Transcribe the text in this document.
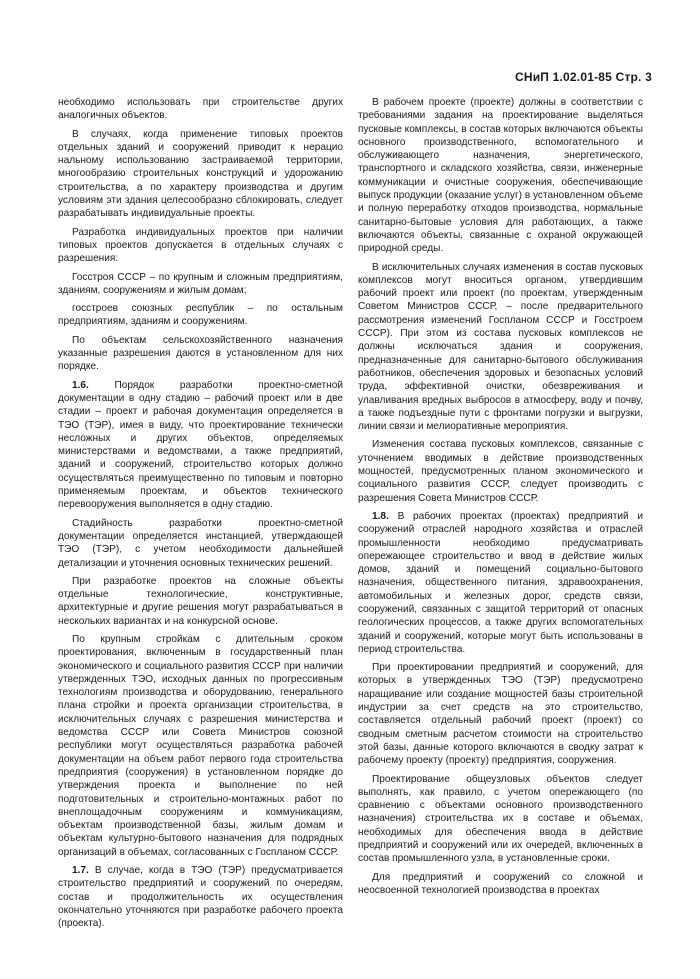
СНиП 1.02.01-85 Стр. 3

необходимо использовать при строительстве других аналогичных объектов.

В случаях, когда применение типовых проектов отдельных зданий и сооружений приводит к нерацио нальному использованию застраиваемой территории, многообразию строительных конструкций и удорожанию строительства, а по характеру производства и другим условиям эти здания целесообразно сблокировать, следует разрабатывать индивидуальные проекты.

Разработка индивидуальных проектов при наличии типовых проектов допускается в отдельных случаях с разрешения:

Госстроя СССР – по крупным и сложным предприятиям, зданиям, сооружениям и жилым домам;

госстроев союзных республик – по остальным предприятиям, зданиям и сооружениям.

По объектам сельскохозяйственного назначения указанные разрешения даются в установленном для них порядке.

1.6.	Порядок разработки проектно-сметной документации в одну стадию – рабочий проект или в две стадии – проект и рабочая документация определяется в ТЭО (ТЭР), имея в виду, что проектирование технически несложных и других объектов, определяемых министерствами и ведомствами, а также предприятий, зданий и сооружений, строительство которых должно осуществляться преимущественно по типовым и повторно применяемым проектам, и объектов технического перевооружения выполняется в одну стадию.

Стадийность разработки проектно-сметной документации определяется инстанцией, утверждающей ТЭО (ТЭР), с учетом необходимости дальнейшей детализации и уточнения основных технических решений.

При разработке проектов на сложные объекты отдельные технологические, конструктивные, архитектурные и другие решения могут разрабатываться в нескольких вариантах и на конкурсной основе.

По крупным стройкам с длительным сроком проектирования, включенным в государственный план экономического и социального развития СССР при наличии утвержденных ТЭО, исходных данных по прогрессивным технологиям производства и оборудованию, генерального плана стройки и проекта организации строительства, в исключительных случаях с разрешения министерства и ведомства СССР или Совета Министров союзной республики могут осуществляться разработка рабочей документации на объем работ первого года строительства предприятия (сооружения) в установленном порядке до утверждения проекта и выполнение по ней подготовительных и строительно-монтажных работ по внеплощадочным сооружениям и коммуникациям, объектам производственной базы, жилым домам и объектам культурно-бытового назначения для подрядных организаций в объемах, согласованных с Госпланом СССР.

1.7. В случае, когда в ТЭО (ТЭР) предусматривается строительство предприятий и сооружений по очередям, состав и продолжительность их осуществления окончательно уточняются при разработке рабочего проекта (проекта).

В рабочем проекте (проекте) должны в соответствии с требованиями задания на проектирование выделяться пусковые комплексы, в состав которых включаются объекты основного производственного, вспомогательного и обслуживающего назначения, энергетического, транспортного и складского хозяйства, связи, инженерные коммуникации и очистные сооружения, обеспечивающие выпуск продукции (оказание услуг) в установленном объеме и полную переработку отходов производства, нормальные санитарно-бытовые условия для работающих, а также включаются объекты, связанные с охраной окружающей природной среды.

В исключительных случаях изменения в состав пусковых комплексов могут вноситься органом, утвердившим рабочий проект или проект (по проектам, утвержденным Советом Министров СССР, – после предварительного рассмотрения изменений Госпланом СССР и Госстроем СССР). При этом из состава пусковых комплексов не должны исключаться здания и сооружения, предназначенные для санитарно-бытового обслуживания работников, обеспечения здоровых и безопасных условий труда, эффективной очистки, обезвреживания и улавливания вредных выбросов в атмосферу, воду и почву, а также подъездные пути с фронтами погрузки и выгрузки, линии связи и мелиоративные мероприятия.

Изменения состава пусковых комплексов, связанные с уточнением вводимых в действие производственных мощностей, предусмотренных планом экономического и социального развития СССР, следует производить с разрешения Совета Министров СССР.

1.8. В рабочих проектах (проектах) предприятий и сооружений отраслей народного хозяйства и отраслей промышленности необходимо предусматривать опережающее строительство и ввод в действие жилых домов, зданий и помещений социально-бытового назначения, общественного питания, здравоохранения, автомобильных и железных дорог, средств связи, сооружений, связанных с защитой территорий от опасных геологических процессов, а также других вспомогательных зданий и сооружений, которые могут быть использованы в период строительства.

При проектировании предприятий и сооружений, для которых в утвержденных ТЭО (ТЭР) предусмотрено наращивание или создание мощностей базы строительной индустрии за счет средств на это строительство, составляется отдельный рабочий проект (проект) со сводным сметным расчетом стоимости на строительство этой базы, данные которого включаются в сводку затрат к рабочему проекту (проекту) предприятия, сооружения.

Проектирование общеузловых объектов следует выполнять, как правило, с учетом опережающего (по сравнению с объектами основного производственного назначения) строительства их в составе и объемах, необходимых для обеспечения ввода в действие предприятий и сооружений или их очередей, включенных в состав промышленного узла, в установленные сроки.

Для предприятий и сооружений со сложной и неосвоенной технологией производства в проектах
